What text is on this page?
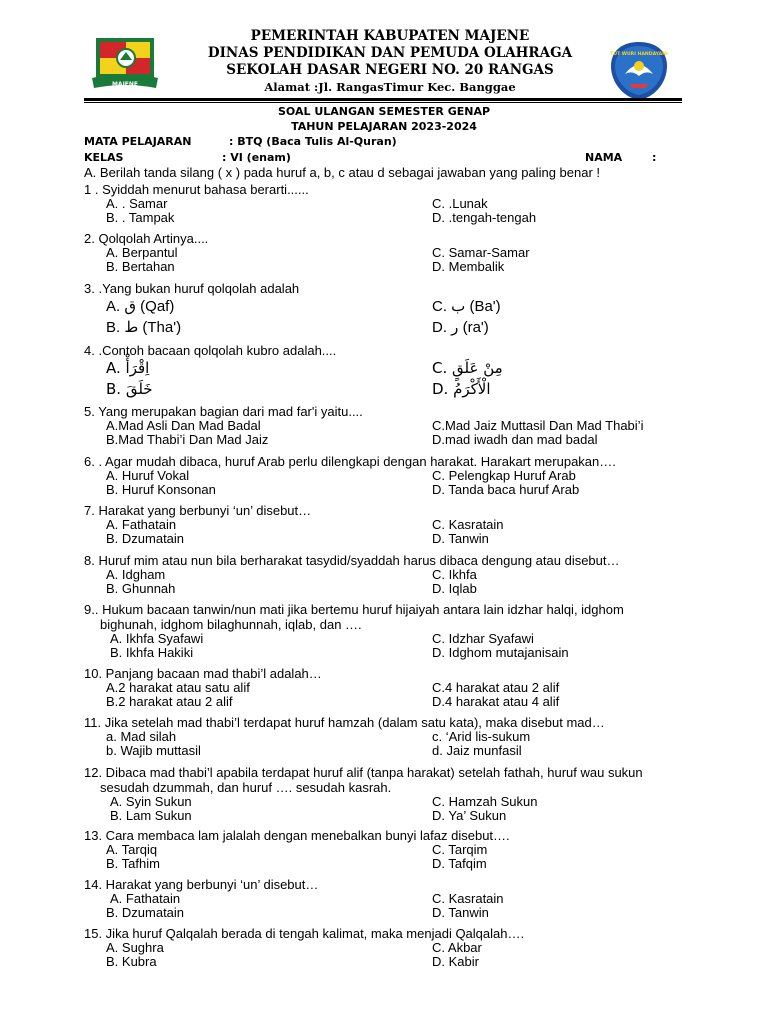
MAJENE
PEMERINTAH KABUPATEN MAJENE
DINAS PENDIDIKAN DAN PEMUDA OLAHRAGA
SEKOLAH DASAR NEGERI NO. 20 RANGAS
Alamat :Jl. RangasTimur Kec. Banggae
TUT WURI HANDAYANI
SOAL ULANGAN SEMESTER GENAP
TAHUN PELAJARAN 2023-2024
MATA PELAJARAN	: BTQ (Baca Tulis Al-Quran)
KELAS	: VI (enam)	NAMA	:
A. Berilah tanda silang ( x ) pada huruf a, b, c atau d sebagai jawaban yang paling benar !
1 . Syiddah menurut bahasa berarti......
A. . Samar	C. .Lunak
B. . Tampak	D. .tengah-tengah
2. Qolqolah Artinya....
A. Berpantul	C. Samar-Samar
B. Bertahan	D. Membalik
3. .Yang bukan huruf qolqolah adalah
A. ق (Qaf)	C. ب (Ba')
B. ط (Tha')	D. ر (ra')
4. .Contoh bacaan qolqolah kubro adalah....
A. اِقْرَأْ	C. مِنْ عَلَقٍ
B. خَلَقَ	D. الْأَكْرَمُ
5. Yang merupakan bagian dari mad far'i yaitu....
A.Mad Asli Dan Mad Badal	C.Mad Jaiz Muttasil Dan Mad Thabi’i
B.Mad Thabi’i Dan Mad Jaiz	D.mad iwadh dan mad badal
6. . Agar mudah dibaca, huruf Arab perlu dilengkapi dengan harakat. Harakart merupakan….
A. Huruf Vokal	C. Pelengkap Huruf Arab
B. Huruf Konsonan	D. Tanda baca huruf Arab
7. Harakat yang berbunyi ‘un’ disebut…
A. Fathatain	C. Kasratain
B. Dzumatain	D. Tanwin
8. Huruf mim atau nun bila berharakat tasydid/syaddah harus dibaca dengung atau disebut…
A. Idgham	C. Ikhfa
B. Ghunnah	D. Iqlab
9.. Hukum bacaan tanwin/nun mati jika bertemu huruf hijaiyah antara lain idzhar halqi, idghom
bighunah, idghom bilaghunnah, iqlab, dan ….
A. Ikhfa Syafawi	C. Idzhar Syafawi
B. Ikhfa Hakiki	D. Idghom mutajanisain
10. Panjang bacaan mad thabi’l adalah…
A.2 harakat atau satu alif	C.4 harakat atau 2 alif
B.2 harakat atau 2 alif	D.4 harakat atau 4 alif
11. Jika setelah mad thabi’l terdapat huruf hamzah (dalam satu kata), maka disebut mad…
a. Mad silah	c. ‘Arid lis-sukum
b. Wajib muttasil	d. Jaiz munfasil
12. Dibaca mad thabi’l apabila terdapat huruf alif (tanpa harakat) setelah fathah, huruf wau sukun
sesudah dzummah, dan huruf …. sesudah kasrah.
A. Syin Sukun	C. Hamzah Sukun
B. Lam Sukun	D. Ya’ Sukun
13. Cara membaca lam jalalah dengan menebalkan bunyi lafaz disebut….
A. Tarqiq	C. Tarqim
B. Tafhim	D. Tafqim
14. Harakat yang berbunyi ‘un’ disebut…
A. Fathatain	C. Kasratain
B. Dzumatain	D. Tanwin
15. Jika huruf Qalqalah berada di tengah kalimat, maka menjadi Qalqalah….
A. Sughra	C. Akbar
B. Kubra	D. Kabir
